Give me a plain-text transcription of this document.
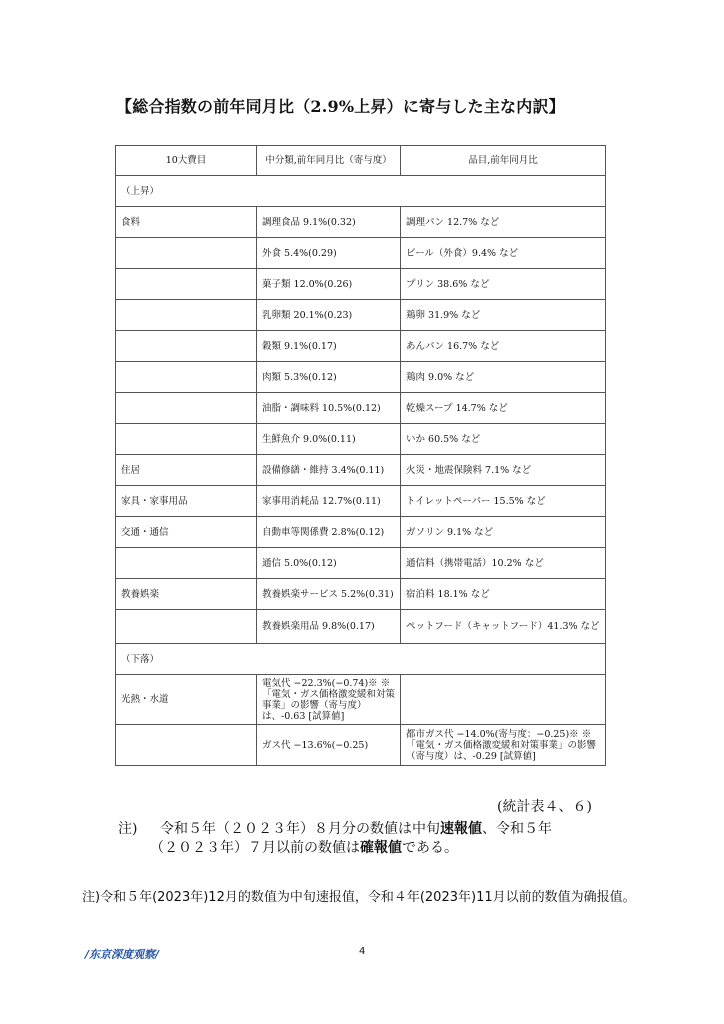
【総合指数の前年同月比（2.9%上昇）に寄与した主な内訳】
10大費目	中分類,前年同月比（寄与度）	品目,前年同月比
（上昇）		
食料	調理食品 9.1%(0.32)	調理パン 12.7% など
	外食 5.4%(0.29)	ビール（外食）9.4% など
	菓子類 12.0%(0.26)	プリン 38.6% など
	乳卵類 20.1%(0.23)	鶏卵 31.9% など
	穀類 9.1%(0.17)	あんパン 16.7% など
	肉類 5.3%(0.12)	鶏肉 9.0% など
	油脂・調味料 10.5%(0.12)	乾燥スープ 14.7% など
	生鮮魚介 9.0%(0.11)	いか 60.5% など
住居	設備修繕・維持 3.4%(0.11)	火災・地震保険料 7.1% など
家具・家事用品	家事用消耗品 12.7%(0.11)	トイレットペーパー 15.5% など
交通・通信	自動車等関係費 2.8%(0.12)	ガソリン 9.1% など
	通信 5.0%(0.12)	通信料（携帯電話）10.2% など
教養娯楽	教養娯楽サービス 5.2%(0.31)	宿泊料 18.1% など
	教養娯楽用品 9.8%(0.17)	ペットフード（キャットフード）41.3% など
（下落）		
光熱・水道	電気代 −22.3%(−0.74)※ ※「電気・ガス価格激変緩和対策事業」の影響（寄与度）は、-0.63 [試算値]	
	ガス代 −13.6%(−0.25)	都市ガス代 −14.0%(寄与度：−0.25)※ ※「電気・ガス価格激変緩和対策事業」の影響（寄与度）は、-0.29 [試算値]
(統計表４、６)
注) 令和５年（２０２３年）８月分の数値は中旬速報値、令和５年
（２０２３年）７月以前の数値は確報値である。
注)令和５年(2023年)12月的数值为中旬速报值，令和４年(2023年)11月以前的数值为确报值。
/东京深度观察/	4
